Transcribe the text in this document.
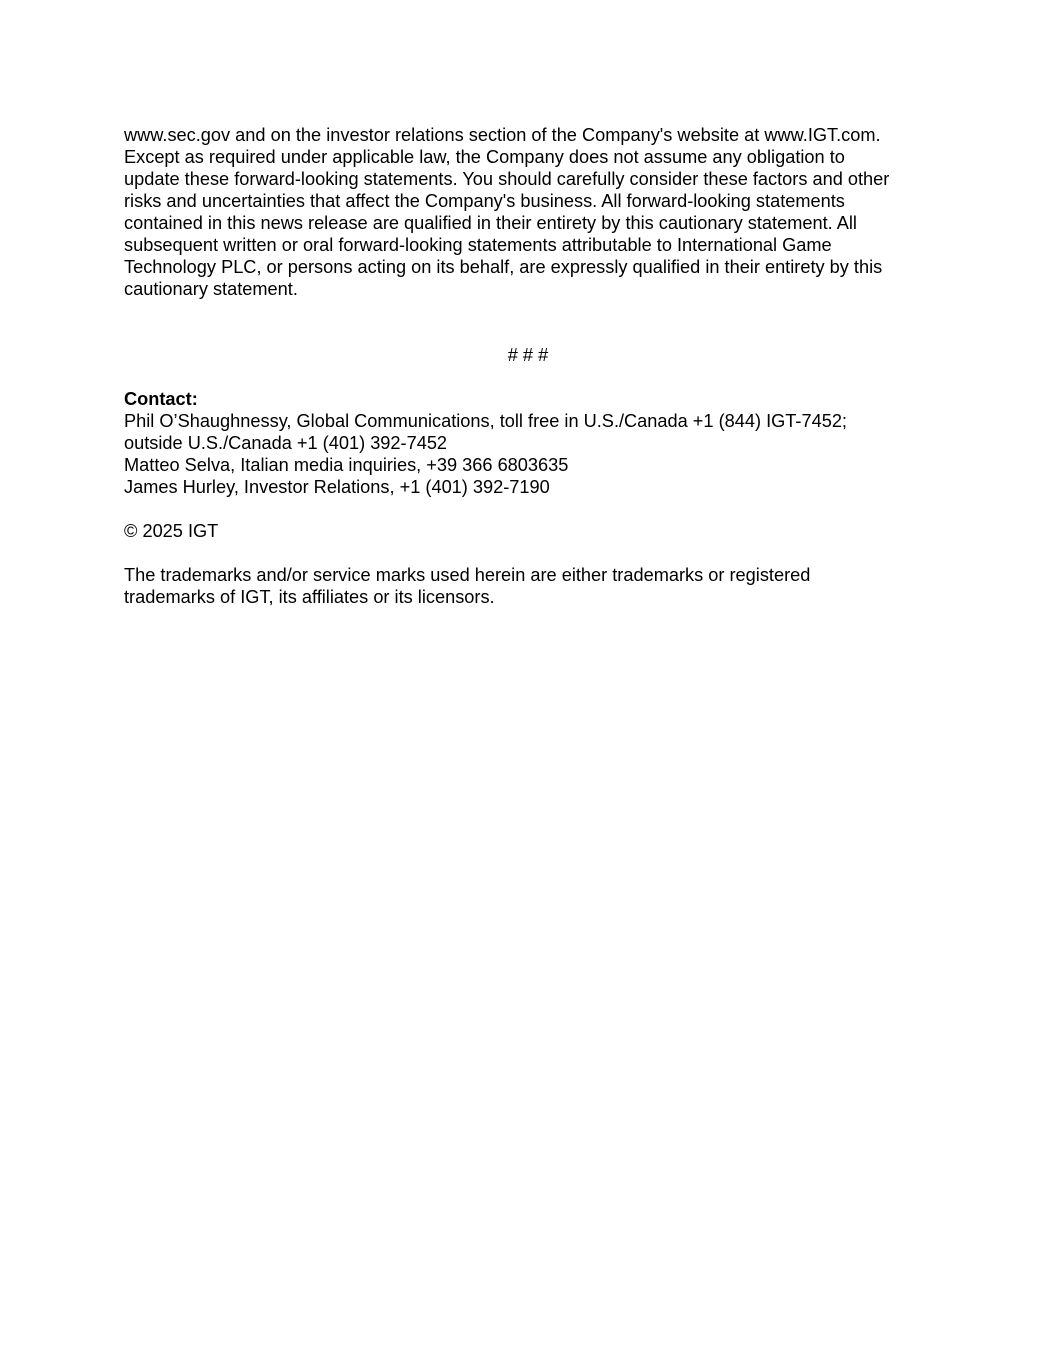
www.sec.gov and on the investor relations section of the Company's website at www.IGT.com.
Except as required under applicable law, the Company does not assume any obligation to
update these forward-looking statements. You should carefully consider these factors and other
risks and uncertainties that affect the Company's business. All forward-looking statements
contained in this news release are qualified in their entirety by this cautionary statement. All
subsequent written or oral forward-looking statements attributable to International Game
Technology PLC, or persons acting on its behalf, are expressly qualified in their entirety by this
cautionary statement.
# # #
Contact:
Phil O’Shaughnessy, Global Communications, toll free in U.S./Canada +1 (844) IGT-7452;
outside U.S./Canada +1 (401) 392-7452
Matteo Selva, Italian media inquiries, +39 366 6803635
James Hurley, Investor Relations, +1 (401) 392-7190
© 2025 IGT
The trademarks and/or service marks used herein are either trademarks or registered
trademarks of IGT, its affiliates or its licensors.
